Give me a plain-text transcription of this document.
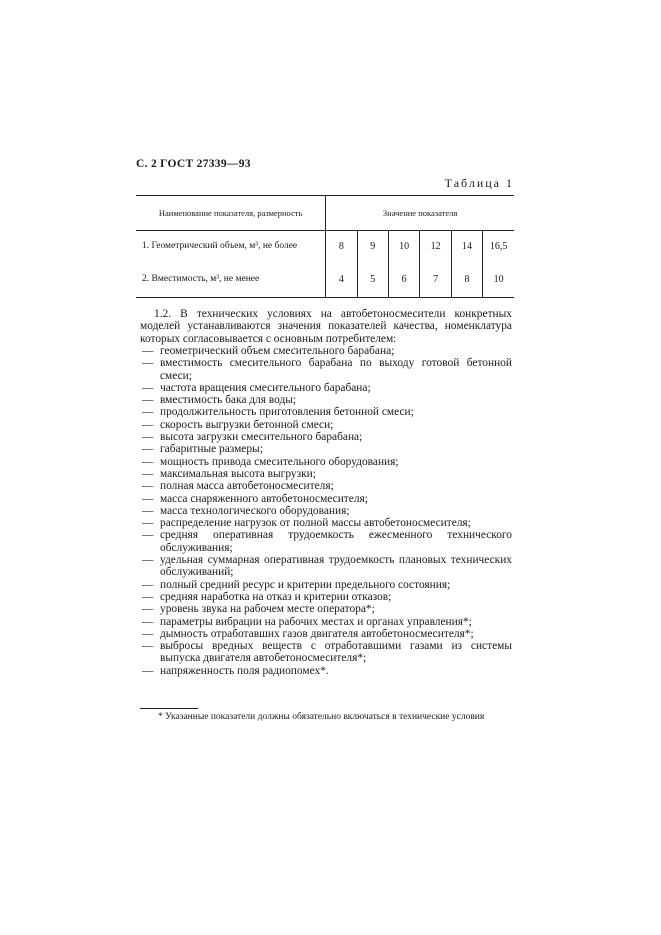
С. 2 ГОСТ 27339—93
Таблица 1
Наименование показателя, размерность	Значение показателя					
1. Геометрический объем, м³, не более	8	9	10	12	14	16,5
2. Вместимость, м³, не менее	4	5	6	7	8	10
1.2. В технических условиях на автобетоносмесители конкретных моделей устанавливаются значения показателей качества, номенклатура которых согласовывается с основным потребителем:
— геометрический объем смесительного барабана;
— вместимость смесительного барабана по выходу готовой бетонной смеси;
— частота вращения смесительного барабана;
— вместимость бака для воды;
— продолжительность приготовления бетонной смеси;
— скорость выгрузки бетонной смеси;
— высота загрузки смесительного барабана;
— габаритные размеры;
— мощность привода смесительного оборудования;
— максимальная высота выгрузки;
— полная масса автобетоносмесителя;
— масса снаряженного автобетоносмесителя;
— масса технологического оборудования;
— распределение нагрузок от полной массы автобетоносмесителя;
— средняя оперативная трудоемкость ежесменного технического обслуживания;
— удельная суммарная оперативная трудоемкость плановых технических обслуживаний;
— полный средний ресурс и критерии предельного состояния;
— средняя наработка на отказ и критерии отказов;
— уровень звука на рабочем месте оператора*;
— параметры вибрации на рабочих местах и органах управления*;
— дымность отработавших газов двигателя автобетоносмесителя*;
— выбросы вредных веществ с отработавшими газами из системы выпуска двигателя автобетоносмесителя*;
— напряженность поля радиопомех*.
* Указанные показатели должны обязательно включаться в технические условия
